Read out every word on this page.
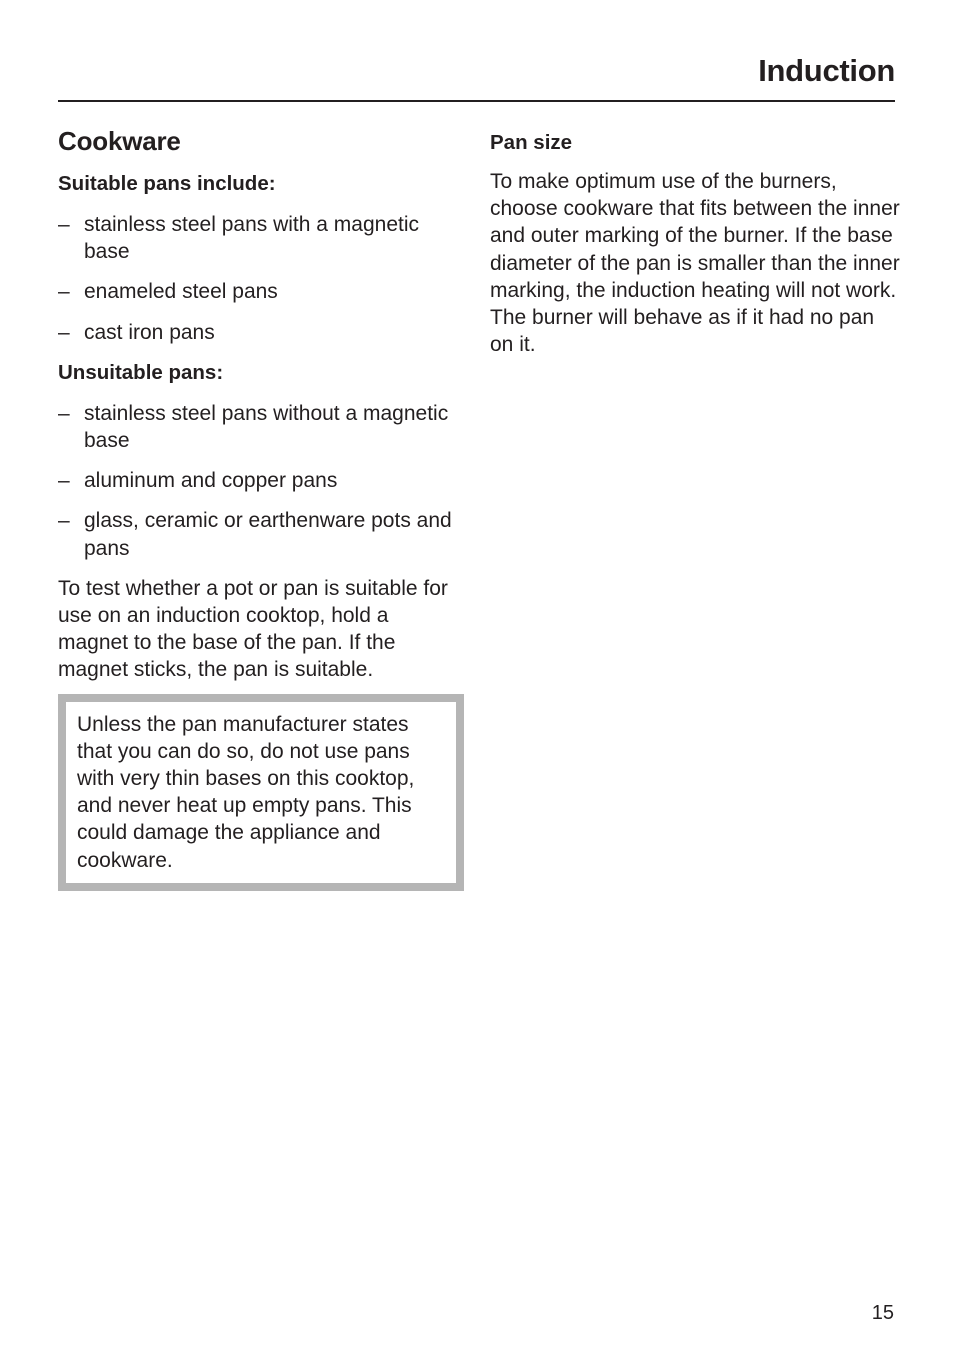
Induction
Cookware
Suitable pans include:
– stainless steel pans with a magnetic base
– enameled steel pans
– cast iron pans
Unsuitable pans:
– stainless steel pans without a magnetic base
– aluminum and copper pans
– glass, ceramic or earthenware pots and pans

To test whether a pot or pan is suitable for use on an induction cooktop, hold a magnet to the base of the pan. If the magnet sticks, the pan is suitable.

Unless the pan manufacturer states that you can do so, do not use pans with very thin bases on this cooktop, and never heat up empty pans. This could damage the appliance and cookware.

Pan size

To make optimum use of the burners, choose cookware that fits between the inner and outer marking of the burner. If the base diameter of the pan is smaller than the inner marking, the induction heating will not work. The burner will behave as if it had no pan on it.

15
